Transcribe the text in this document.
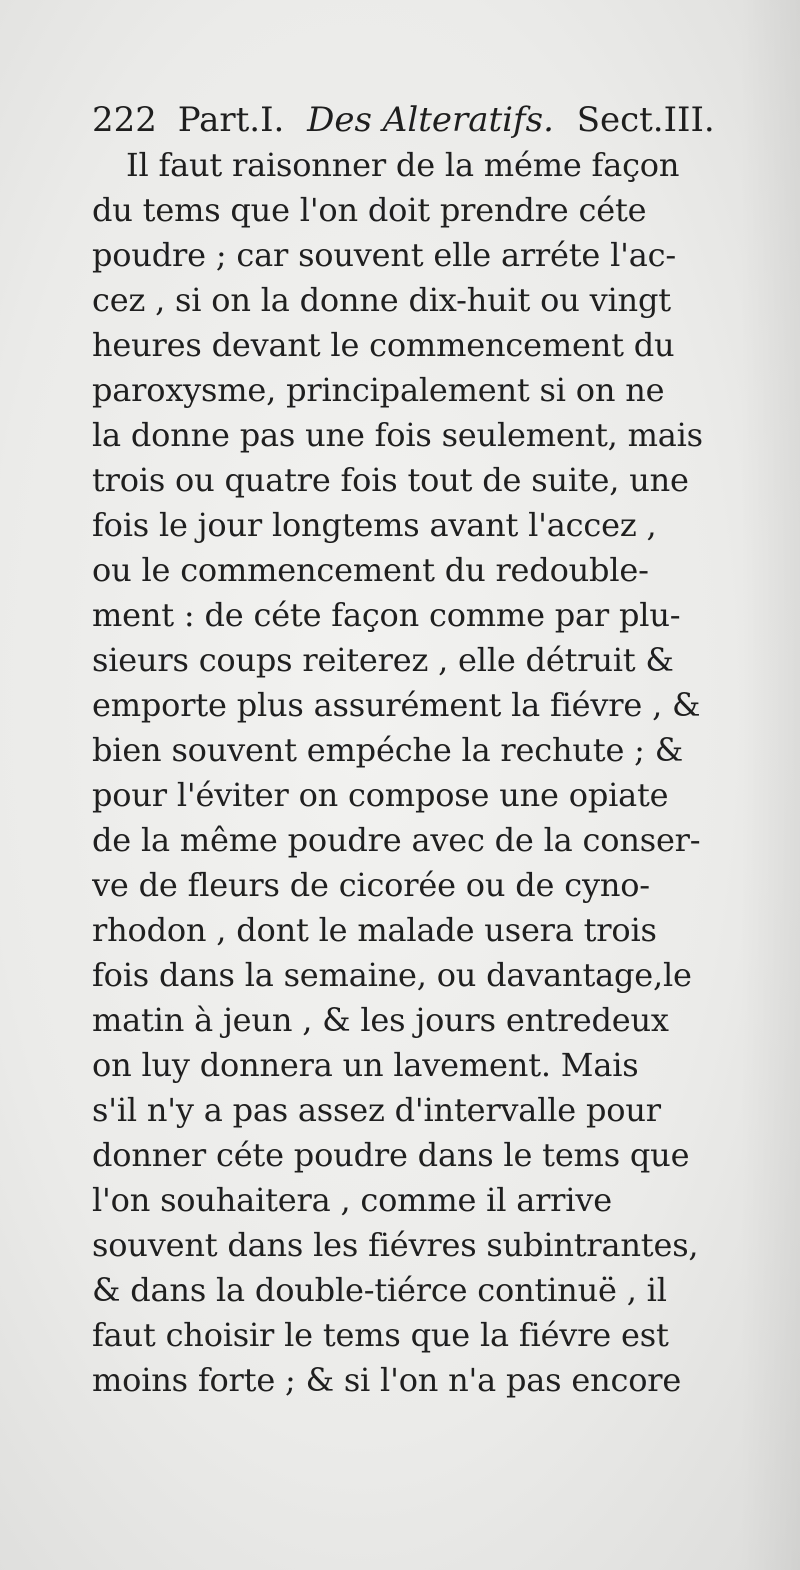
222 Part.I. Des Alteratifs. Sect.III.
Il faut raisonner de la méme façon
du tems que l'on doit prendre céte
poudre ; car souvent elle arréte l'ac-
cez , si on la donne dix-huit ou vingt
heures devant le commencement du
paroxysme, principalement si on ne
la donne pas une fois seulement, mais
trois ou quatre fois tout de suite, une
fois le jour longtems avant l'accez ,
ou le commencement du redouble-
ment : de céte façon comme par plu-
sieurs coups reiterez , elle détruit &
emporte plus assurément la fiévre , &
bien souvent empéche la rechute ; &
pour l'éviter on compose une opiate
de la même poudre avec de la conser-
ve de fleurs de cicorée ou de cyno-
rhodon , dont le malade usera trois
fois dans la semaine, ou davantage,le
matin à jeun , & les jours entredeux
on luy donnera un lavement. Mais
s'il n'y a pas assez d'intervalle pour
donner céte poudre dans le tems que
l'on souhaitera , comme il arrive
souvent dans les fiévres subintrantes,
& dans la double-tiérce continuë , il
faut choisir le tems que la fiévre est
moins forte ; & si l'on n'a pas encore
